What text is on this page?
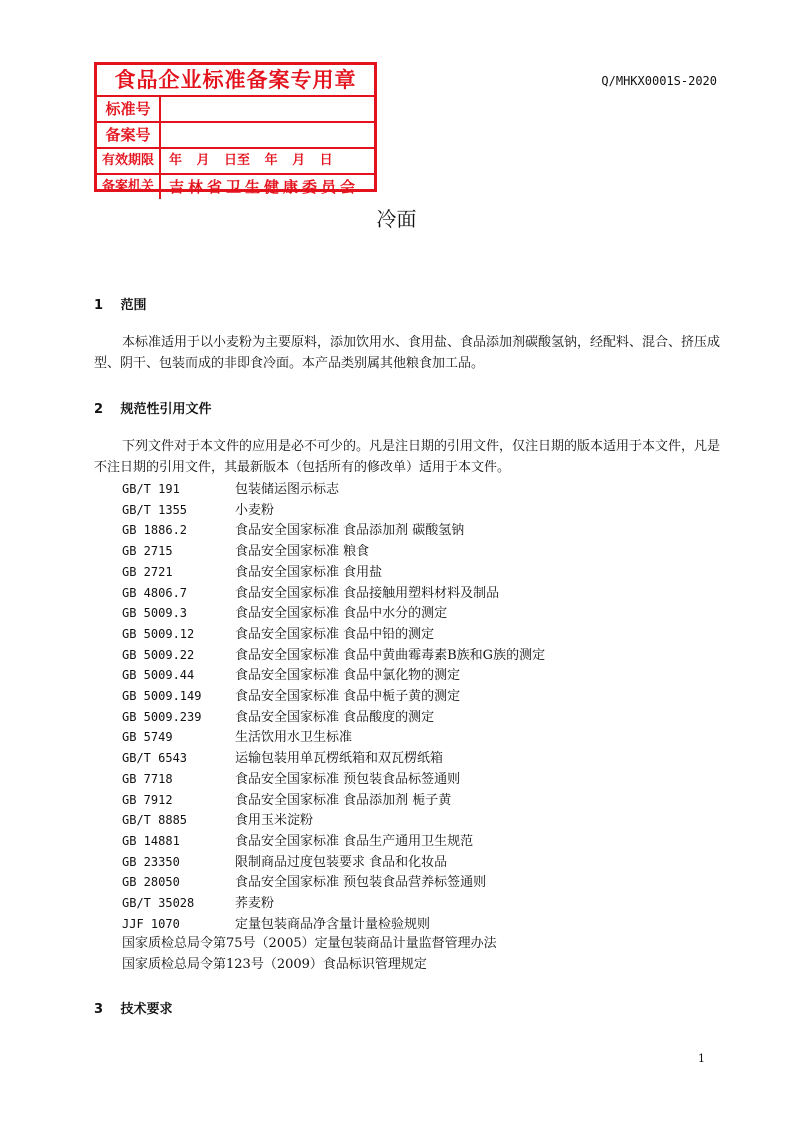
Q/MHKX0001S-2020
冷面
1 范围
本标准适用于以小麦粉为主要原料，添加饮用水、食用盐、食品添加剂碳酸氢钠，经配料、混合、挤压成型、阴干、包装而成的非即食冷面。本产品类别属其他粮食加工品。
2 规范性引用文件
下列文件对于本文件的应用是必不可少的。凡是注日期的引用文件，仅注日期的版本适用于本文件，凡是不注日期的引用文件，其最新版本（包括所有的修改单）适用于本文件。
GB/T 191	包装储运图示标志
GB/T 1355	小麦粉
GB 1886.2	食品安全国家标准 食品添加剂 碳酸氢钠
GB 2715	食品安全国家标准 粮食
GB 2721	食品安全国家标准 食用盐
GB 4806.7	食品安全国家标准 食品接触用塑料材料及制品
GB 5009.3	食品安全国家标准 食品中水分的测定
GB 5009.12	食品安全国家标准 食品中铅的测定
GB 5009.22	食品安全国家标准 食品中黄曲霉毒素B族和G族的测定
GB 5009.44	食品安全国家标准 食品中氯化物的测定
GB 5009.149	食品安全国家标准 食品中栀子黄的测定
GB 5009.239	食品安全国家标准 食品酸度的测定
GB 5749	生活饮用水卫生标准
GB/T 6543	运输包装用单瓦楞纸箱和双瓦楞纸箱
GB 7718	食品安全国家标准 预包装食品标签通则
GB 7912	食品安全国家标准 食品添加剂 栀子黄
GB/T 8885	食用玉米淀粉
GB 14881	食品安全国家标准 食品生产通用卫生规范
GB 23350	限制商品过度包装要求 食品和化妆品
GB 28050	食品安全国家标准 预包装食品营养标签通则
GB/T 35028	荞麦粉
JJF 1070	定量包装商品净含量计量检验规则
国家质检总局令第75号（2005）定量包装商品计量监督管理办法
国家质检总局令第123号（2009）食品标识管理规定
3 技术要求
食品企业标准备案专用章
标准号
备案号
有效期限	年 月 日至 年 月 日
备案机关	吉林省卫生健康委员会
1
